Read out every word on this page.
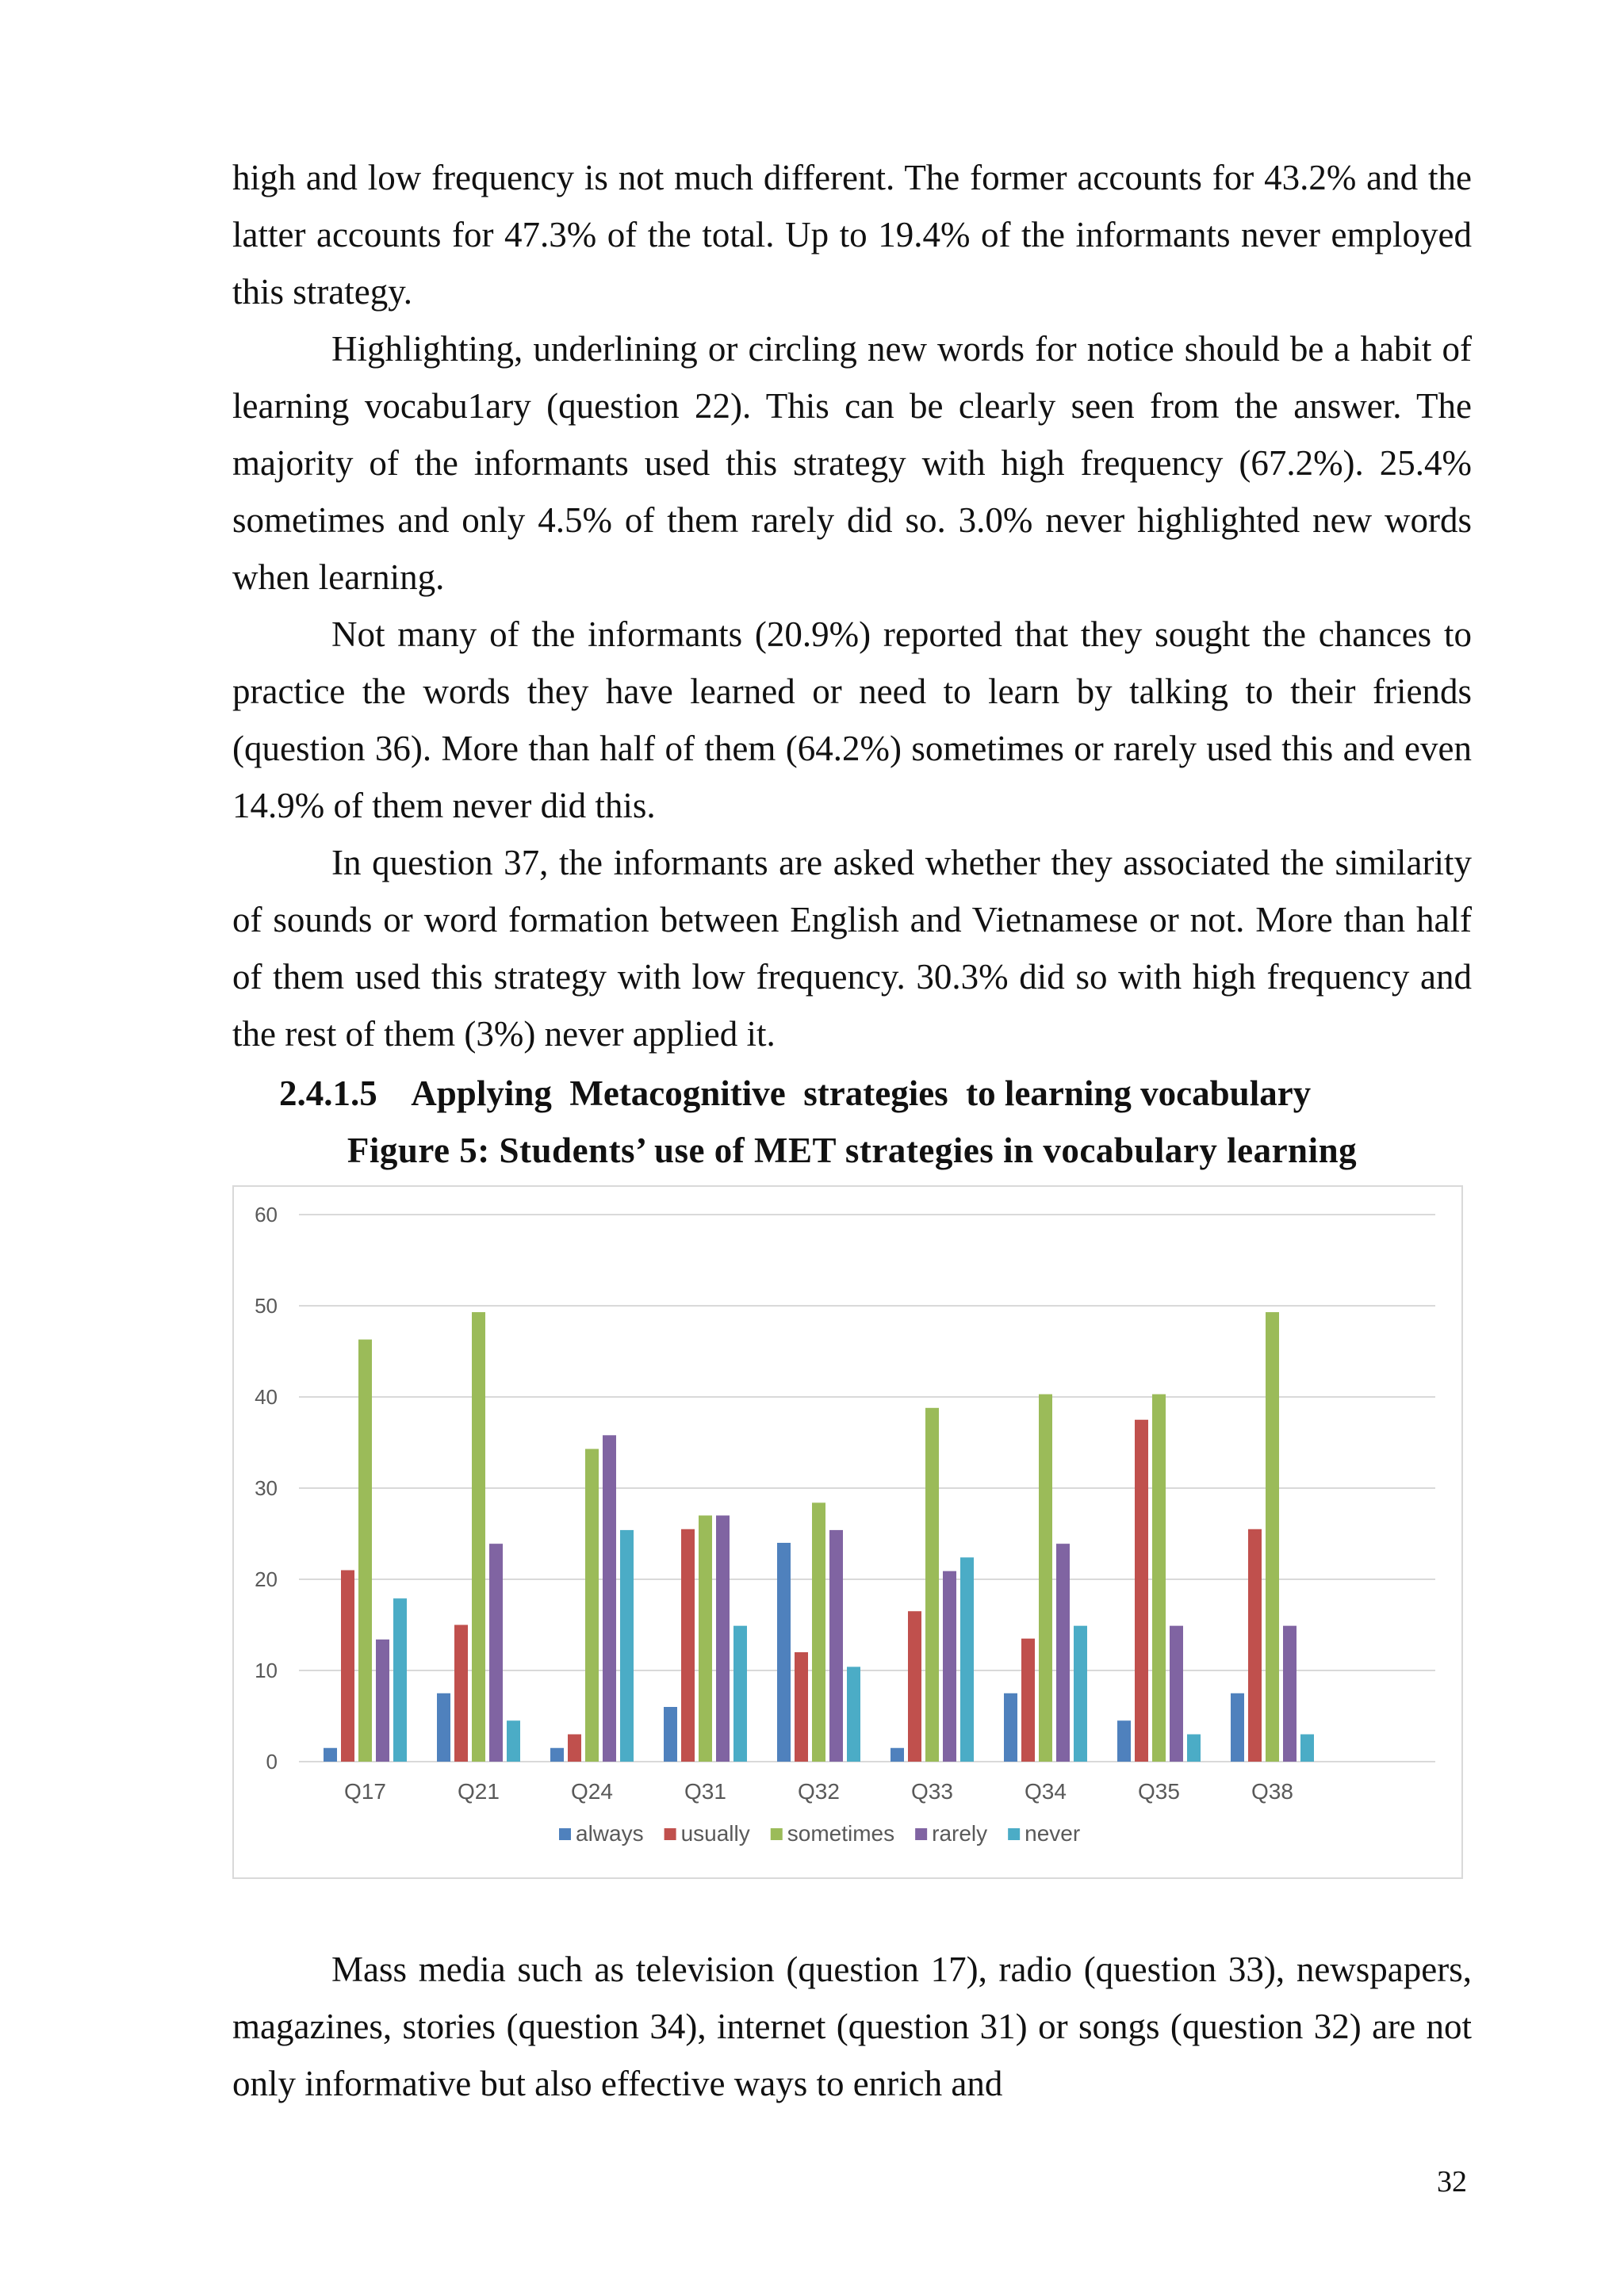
high and low frequency is not much different. The former accounts for 43.2% and the latter accounts for 47.3% of the total. Up to 19.4% of the informants never employed this strategy.

Highlighting, underlining or circling new words for notice should be a habit of learning vocabu1ary (question 22). This can be clearly seen from the answer. The majority of the informants used this strategy with high frequency (67.2%). 25.4% sometimes and only 4.5% of them rarely did so. 3.0% never highlighted new words when learning.

Not many of the informants (20.9%) reported that they sought the chances to practice the words they have learned or need to learn by talking to their friends (question 36). More than half of them (64.2%) sometimes or rarely used this and even 14.9% of them never did this.

In question 37, the informants are asked whether they associated the similarity of sounds or word formation between English and Vietnamese or not. More than half of them used this strategy with low frequency. 30.3% did so with high frequency and the rest of them (3%) never applied it.

2.4.1.5 Applying  Metacognitive  strategies  to learning vocabulary

Figure 5: Students’ use of MET strategies in vocabulary learning

0
10
20
30
40
50
60
Q17	Q21	Q24	Q31	Q32	Q33	Q34	Q35	Q38
always usually sometimes rarely never

Mass media such as television (question 17), radio (question 33), newspapers, magazines, stories (question 34), internet (question 31) or songs (question 32) are not only informative but also effective ways to enrich and

32
